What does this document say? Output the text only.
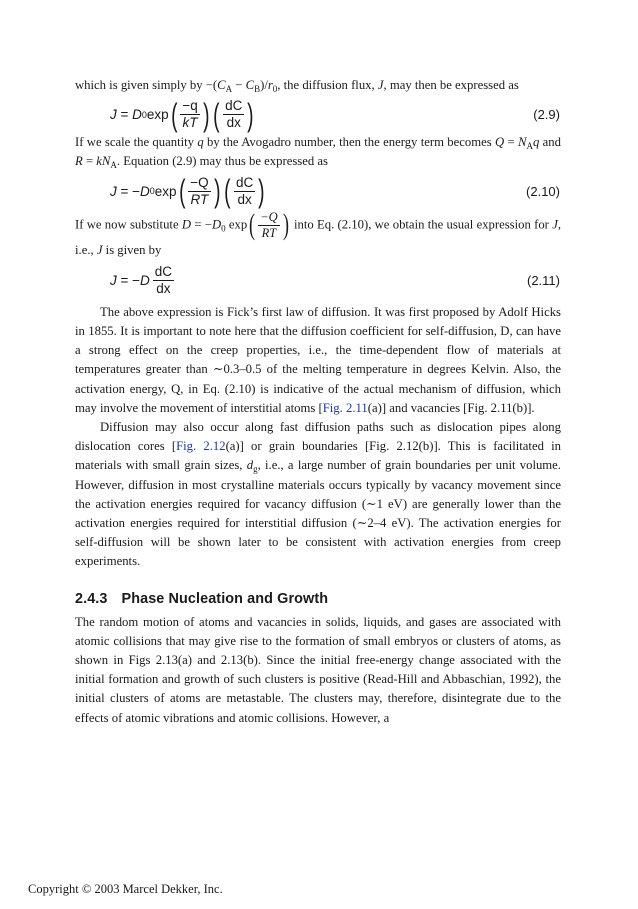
which is given simply by $-(C_A - C_B)/r_0$, the diffusion flux, J, may then be expressed as

J = D 0 exp ( $\frac{-q}{kT}$ ) ( $\frac{dC}{dx}$ )	(2.9)

If we scale the quantity q by the Avogadro number, then the energy term becomes $Q = N_Aq$ and $R = kN_A$. Equation (2.9) may thus be expressed as

J = − D 0 exp ( $\frac{-Q}{RT}$ ) ( $\frac{dC}{dx}$ )	(2.10)

If we now substitute $D = -D_0$ exp ( $\frac{-Q}{RT}$ ) into Eq. (2.10), we obtain the usual expression for J, i.e., J is given by

J = − D $\frac{dC}{dx}$	(2.11)

The above expression is Fick’s first law of diffusion. It was first proposed by Adolf Hicks in 1855. It is important to note here that the diffusion coefficient for self-diffusion, D, can have a strong effect on the creep properties, i.e., the time-dependent flow of materials at temperatures greater than ∼0.3–0.5 of the melting temperature in degrees Kelvin. Also, the activation energy, Q, in Eq. (2.10) is indicative of the actual mechanism of diffusion, which may involve the movement of interstitial atoms [Fig. 2.11(a)] and vacancies [Fig. 2.11(b)].

Diffusion may also occur along fast diffusion paths such as dislocation pipes along dislocation cores [Fig. 2.12(a)] or grain boundaries [Fig. 2.12(b)]. This is facilitated in materials with small grain sizes, $d_g$, i.e., a large number of grain boundaries per unit volume. However, diffusion in most crystalline materials occurs typically by vacancy movement since the activation energies required for vacancy diffusion (∼1 eV) are generally lower than the activation energies required for interstitial diffusion (∼2–4 eV). The activation energies for self-diffusion will be shown later to be consistent with activation energies from creep experiments.

2.4.3 Phase Nucleation and Growth

The random motion of atoms and vacancies in solids, liquids, and gases are associated with atomic collisions that may give rise to the formation of small embryos or clusters of atoms, as shown in Figs 2.13(a) and 2.13(b). Since the initial free-energy change associated with the initial formation and growth of such clusters is positive (Read-Hill and Abbaschian, 1992), the initial clusters of atoms are metastable. The clusters may, therefore, disintegrate due to the effects of atomic vibrations and atomic collisions. However, a

Copyright © 2003 Marcel Dekker, Inc.
